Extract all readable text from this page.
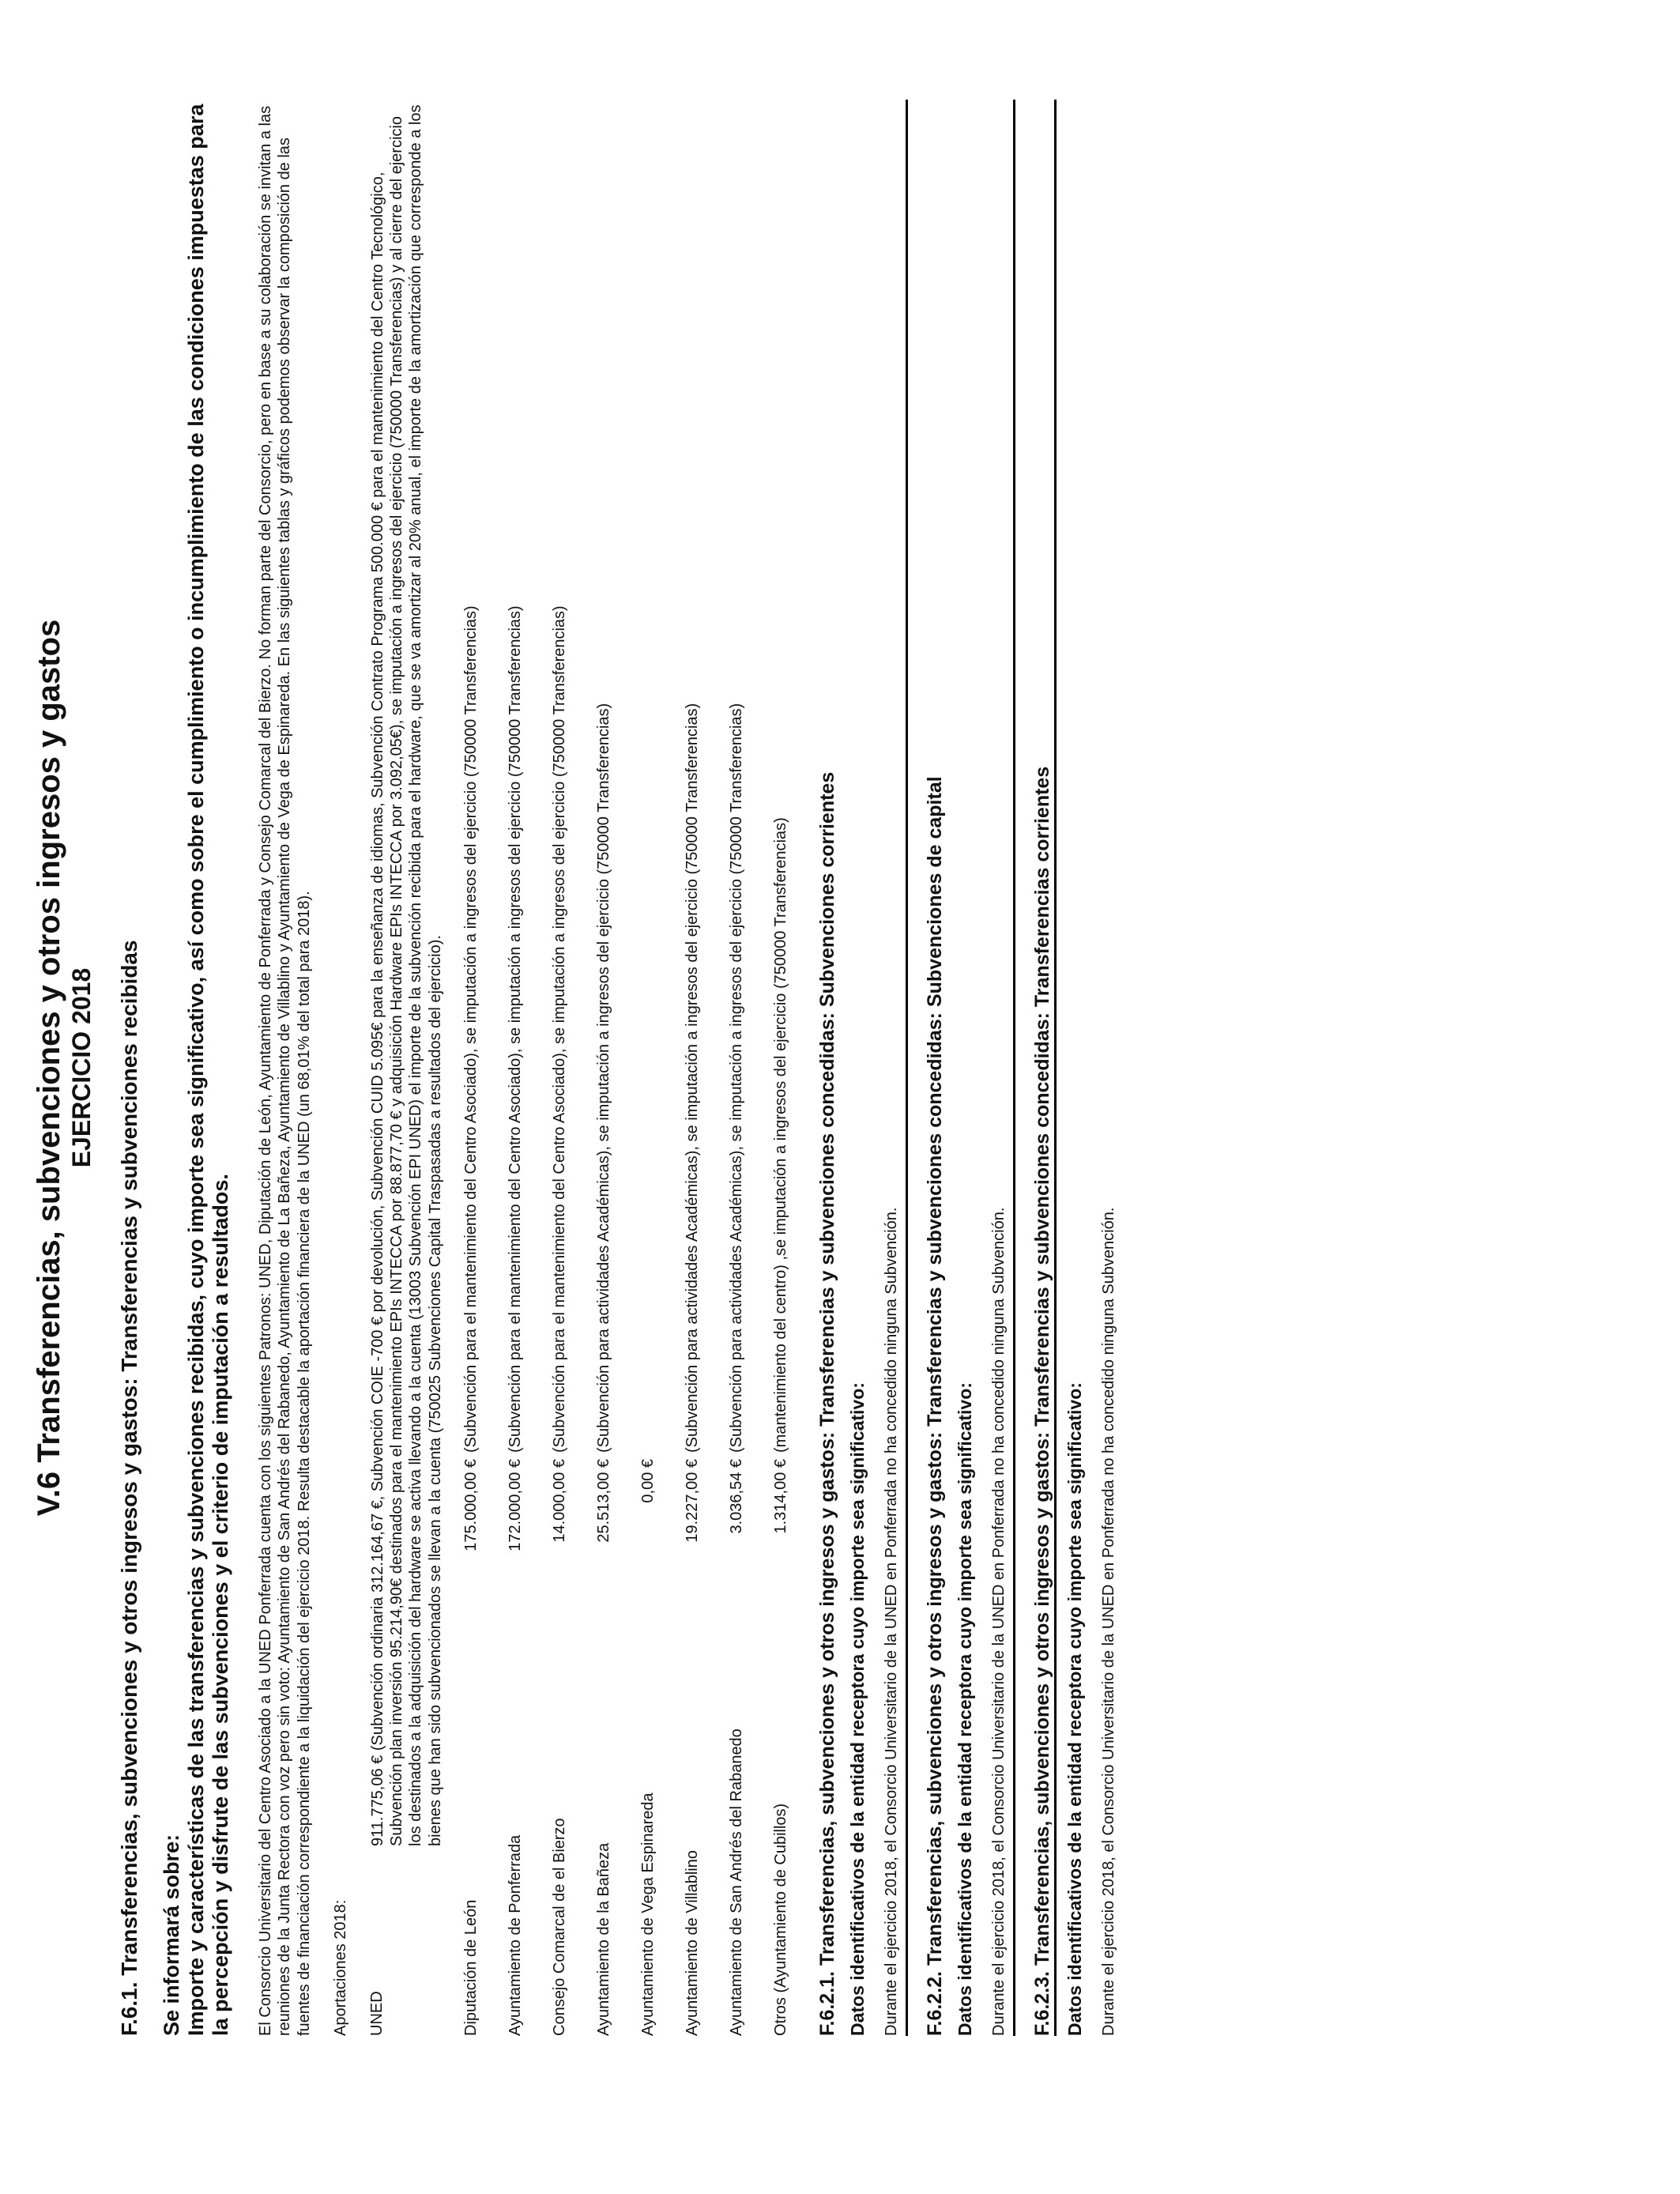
V.6 Transferencias, subvenciones y otros ingresos y gastos EJERCICIO 2018 F.6.1. Transferencias, subvenciones y otros ingresos y gastos: Transferencias y subvenciones recibidas Se informará sobre: Importe y características de las transferencias y subvenciones recibidas, cuyo importe sea significativo, así como sobre el cumplimiento o incumplimiento de las condiciones impuestas para la percepción y disfrute de las subvenciones y el criterio de imputación a resultados. El Consorcio Universitario del Centro Asociado a la UNED Ponferrada cuenta con los siguientes Patronos: UNED, Diputación de León, Ayuntamiento de Ponferrada y Consejo Comarcal del Bierzo. No forman parte del Consorcio, pero en base a su colaboración se invitan a las reuniones de la Junta Rectora con voz pero sin voto: Ayuntamiento de San Andrés del Rabanedo, Ayuntamiento de La Bañeza, Ayuntamiento de Villablino y Ayuntamiento de Vega de Espinareda. En las siguientes tablas y gráficos podemos observar la composición de las fuentes de financiación correspondiente a la liquidación del ejercicio 2018. Resulta destacable la aportación financiera de la UNED (un 68,01% del total para 2018). Aportaciones 2018: UNED
911.775,06 € (Subvención ordinaria 312.164,67 €, Subvención COIE -700 € por devolución, Subvención CUID 5.095€ para la enseñanza de idiomas, Subvención Contrato Programa 500.000 € para el mantenimiento del Centro Tecnológico, Subvención plan inversión 95.214,90€ destinados para el mantenimiento EPIs INTECCA por 88.877,70 € y adquisición Hardware EPIs INTECCA por 3.092,05€), se imputación a ingresos del ejercicio (750000 Transferencias) y al cierre del ejercicio los destinados a la adquisición del hardware se activa llevando a la cuenta (13003 Subvención EPI UNED) el importe de la subvención recibida para el hardware, que se va amortizar al 20% anual, el importe de la amortización que corresponde a los bienes que han sido subvencionados se llevan a la cuenta (750025 Subvenciones Capital Traspasadas a resultados del ejercicio).
Diputación de León
175.000,00 €
(Subvención para el mantenimiento del Centro Asociado), se imputación a ingresos del ejercicio (750000 Transferencias)
Ayuntamiento de Ponferrada
172.000,00 €
(Subvención para el mantenimiento del Centro Asociado), se imputación a ingresos del ejercicio (750000 Transferencias)
Consejo Comarcal de el Bierzo
14.000,00 €
(Subvención para el mantenimiento del Centro Asociado), se imputación a ingresos del ejercicio (750000 Transferencias)
Ayuntamiento de la Bañeza
25.513,00 €
(Subvención para actividades Académicas), se imputación a ingresos del ejercicio (750000 Transferencias)
Ayuntamiento de Vega Espinareda
0,00 €
Ayuntamiento de Villablino
19.227,00 €
(Subvención para actividades Académicas), se imputación a ingresos del ejercicio (750000 Transferencias)
Ayuntamiento de San Andrés del Rabanedo
3.036,54 €
(Subvención para actividades Académicas), se imputación a ingresos del ejercicio (750000 Transferencias)
Otros (Ayuntamiento de Cubillos)
1.314,00 €
(mantenimiento del centro) ,se imputación a ingresos del ejercicio (750000 Transferencias) F.6.2.1. Transferencias, subvenciones y otros ingresos y gastos: Transferencias y subvenciones concedidas: Subvenciones corrientes Datos identificativos de la entidad receptora cuyo importe sea significativo: Durante el ejercicio 2018, el Consorcio Universitario de la UNED en Ponferrada no ha concedido ninguna Subvención. F.6.2.2. Transferencias, subvenciones y otros ingresos y gastos: Transferencias y subvenciones concedidas: Subvenciones de capital Datos identificativos de la entidad receptora cuyo importe sea significativo: Durante el ejercicio 2018, el Consorcio Universitario de la UNED en Ponferrada no ha concedido ninguna Subvención. F.6.2.3. Transferencias, subvenciones y otros ingresos y gastos: Transferencias y subvenciones concedidas: Transferencias corrientes Datos identificativos de la entidad receptora cuyo importe sea significativo: Durante el ejercicio 2018, el Consorcio Universitario de la UNED en Ponferrada no ha concedido ninguna Subvención.
